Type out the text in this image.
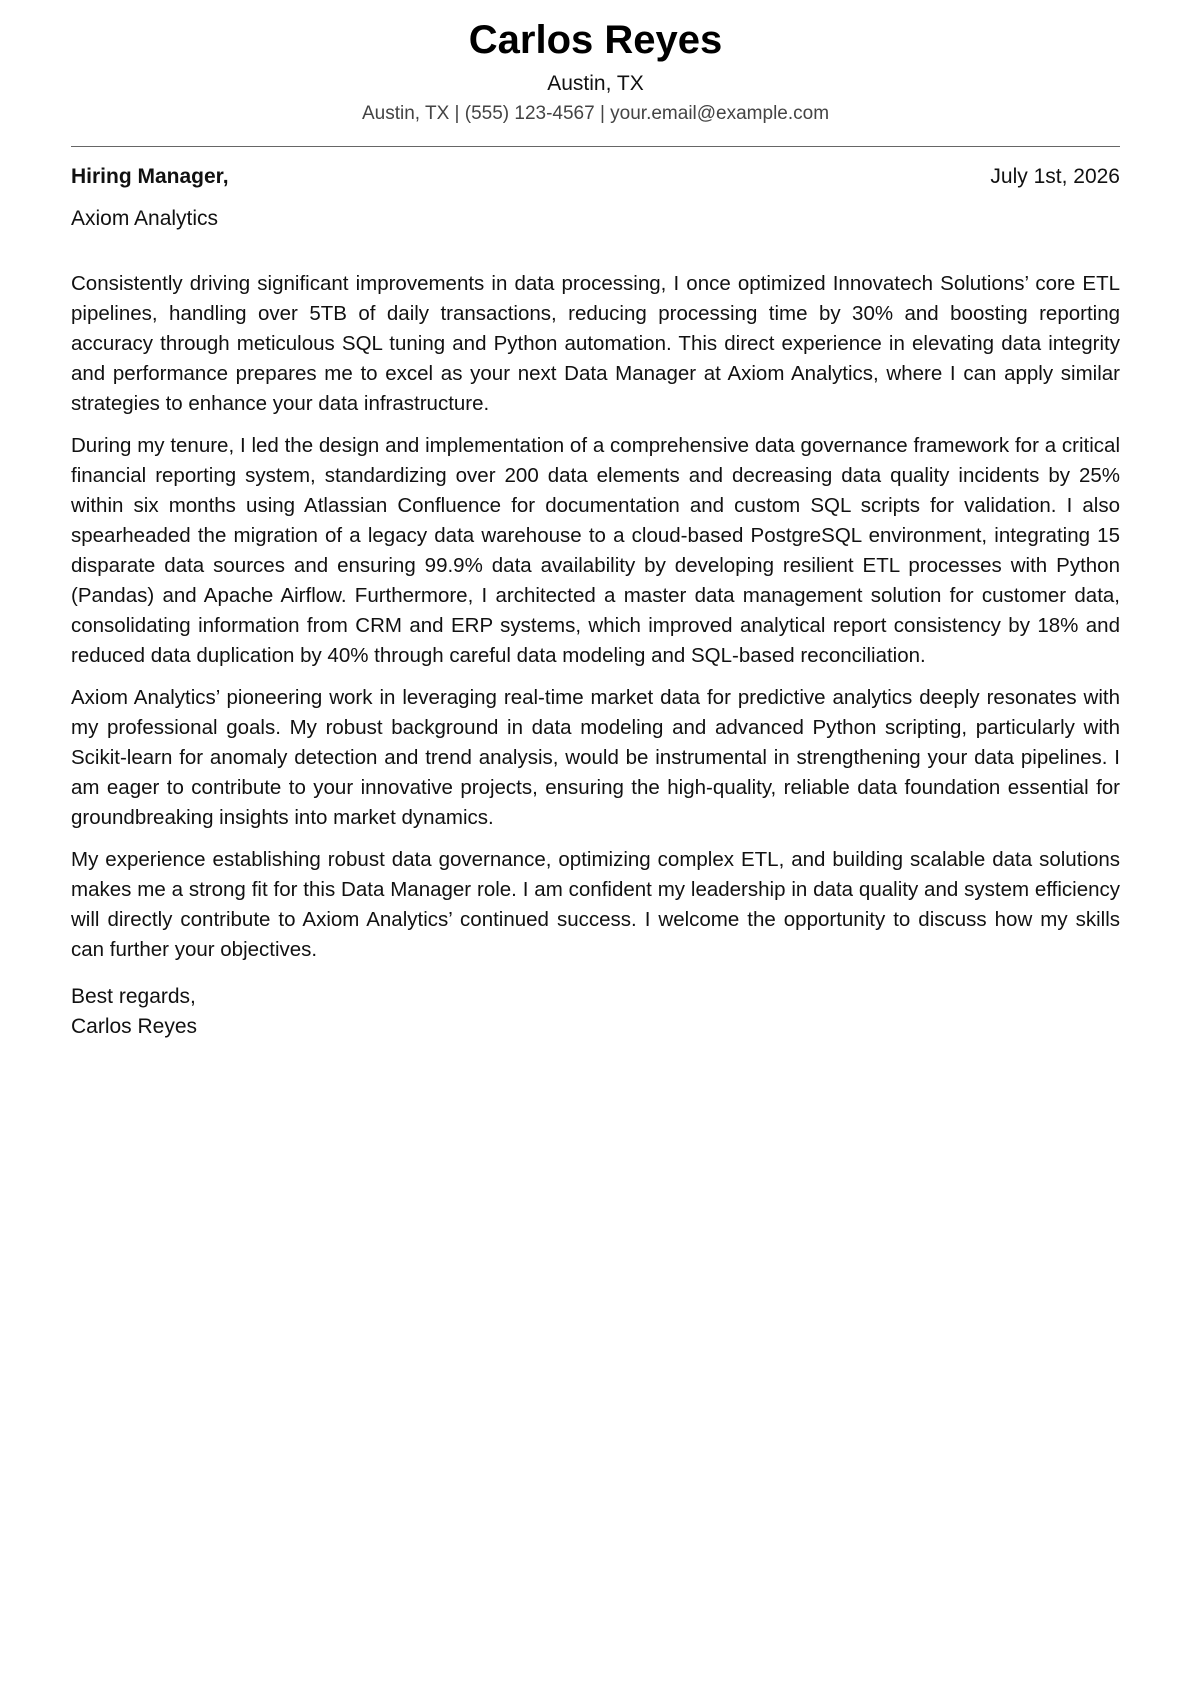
Carlos Reyes
Austin, TX
Austin, TX | (555) 123-4567 | your.email@example.com
Hiring Manager,	July 1st, 2026
Axiom Analytics

Consistently driving significant improvements in data processing, I once optimized Innovatech Solutions’ core ETL pipelines, handling over 5TB of daily transactions, reducing processing time by 30% and boosting reporting accuracy through meticulous SQL tuning and Python automation. This direct experience in elevating data integrity and performance prepares me to excel as your next Data Manager at Axiom Analytics, where I can apply similar strategies to enhance your data infrastructure.

During my tenure, I led the design and implementation of a comprehensive data governance framework for a critical financial reporting system, standardizing over 200 data elements and decreasing data quality incidents by 25% within six months using Atlassian Confluence for documentation and custom SQL scripts for validation. I also spearheaded the migration of a legacy data warehouse to a cloud-based PostgreSQL environment, integrating 15 disparate data sources and ensuring 99.9% data availability by developing resilient ETL processes with Python (Pandas) and Apache Airflow. Furthermore, I architected a master data management solution for customer data, consolidating information from CRM and ERP systems, which improved analytical report consistency by 18% and reduced data duplication by 40% through careful data modeling and SQL-based reconciliation.

Axiom Analytics’ pioneering work in leveraging real-time market data for predictive analytics deeply resonates with my professional goals. My robust background in data modeling and advanced Python scripting, particularly with Scikit-learn for anomaly detection and trend analysis, would be instrumental in strengthening your data pipelines. I am eager to contribute to your innovative projects, ensuring the high-quality, reliable data foundation essential for groundbreaking insights into market dynamics.

My experience establishing robust data governance, optimizing complex ETL, and building scalable data solutions makes me a strong fit for this Data Manager role. I am confident my leadership in data quality and system efficiency will directly contribute to Axiom Analytics’ continued success. I welcome the opportunity to discuss how my skills can further your objectives.

Best regards,
Carlos Reyes
